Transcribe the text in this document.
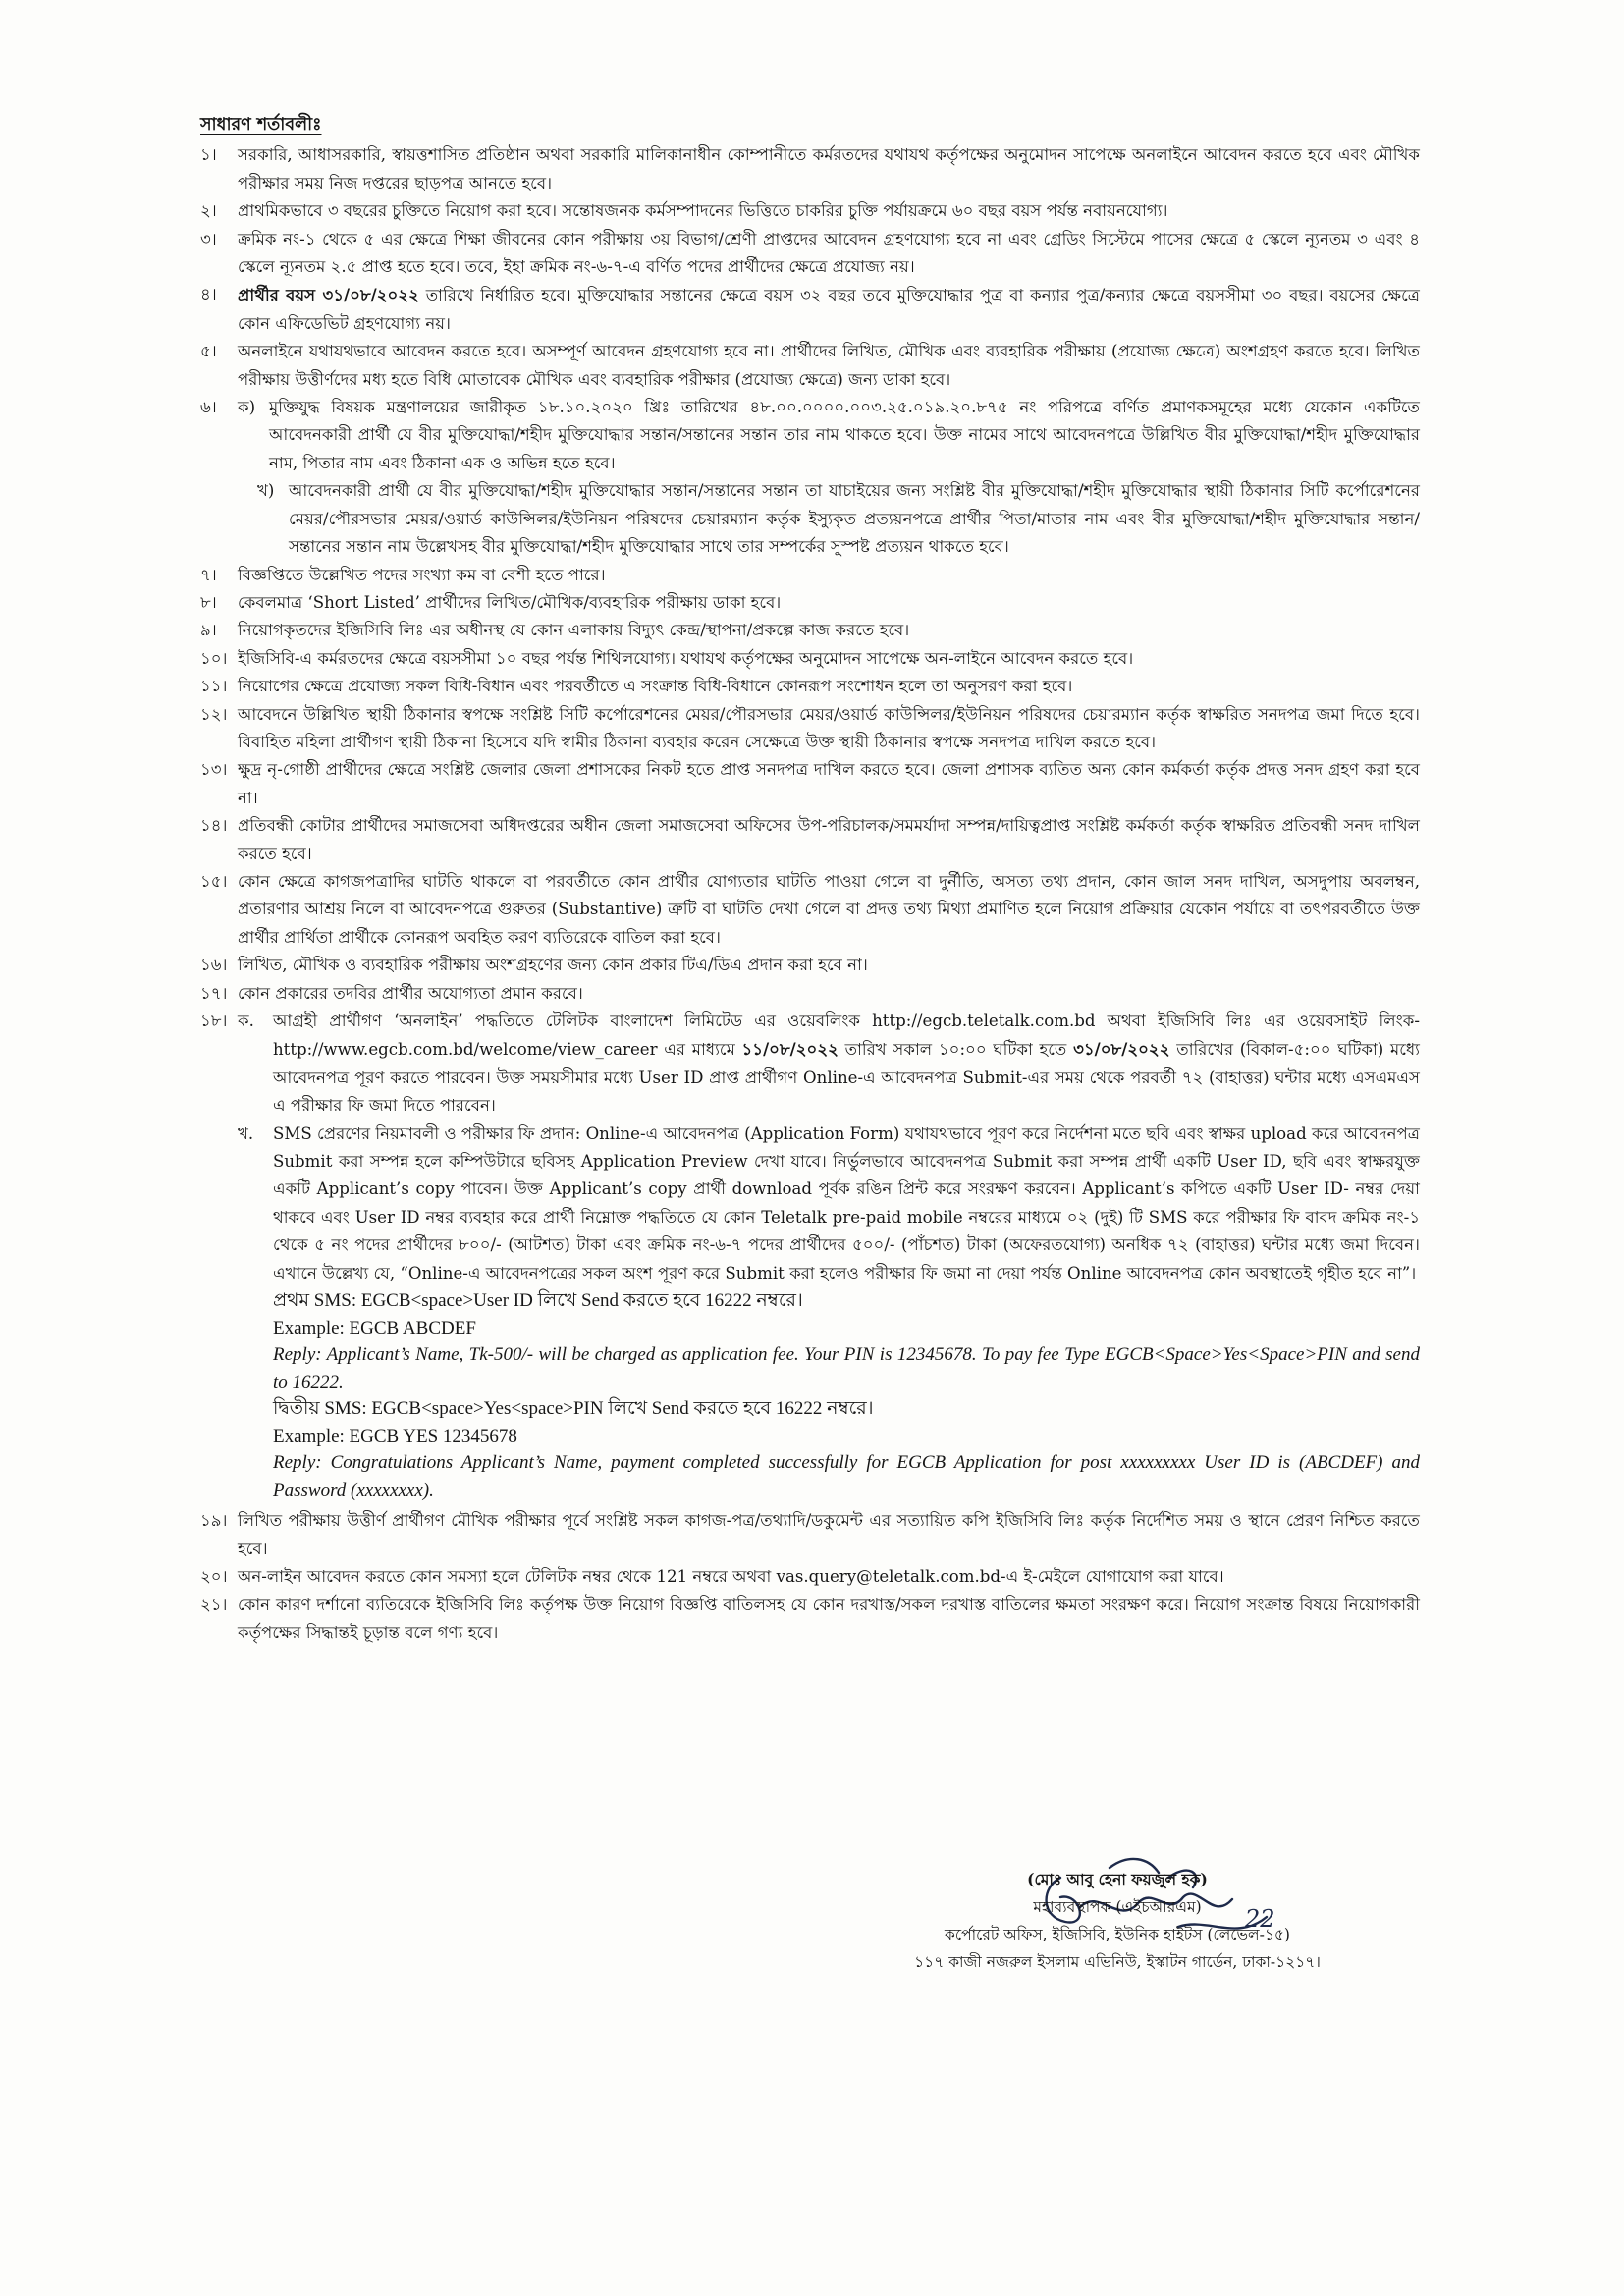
সাধারণ শর্তাবলীঃ
১।	সরকারি, আধাসরকারি, স্বায়ত্তশাসিত প্রতিষ্ঠান অথবা সরকারি মালিকানাধীন কোম্পানীতে কর্মরতদের যথাযথ কর্তৃপক্ষের অনুমোদন সাপেক্ষে অনলাইনে আবেদন করতে হবে এবং মৌখিক পরীক্ষার সময় নিজ দপ্তরের ছাড়পত্র আনতে হবে।
২।	প্রাথমিকভাবে ৩ বছরের চুক্তিতে নিয়োগ করা হবে। সন্তোষজনক কর্মসম্পাদনের ভিত্তিতে চাকরির চুক্তি পর্যায়ক্রমে ৬০ বছর বয়স পর্যন্ত নবায়নযোগ্য।
৩।	ক্রমিক নং-১ থেকে ৫ এর ক্ষেত্রে শিক্ষা জীবনের কোন পরীক্ষায় ৩য় বিভাগ/শ্রেণী প্রাপ্তদের আবেদন গ্রহণযোগ্য হবে না এবং গ্রেডিং সিস্টেমে পাসের ক্ষেত্রে ৫ স্কেলে ন্যূনতম ৩ এবং ৪ স্কেলে ন্যূনতম ২.৫ প্রাপ্ত হতে হবে। তবে, ইহা ক্রমিক নং-৬-৭-এ বর্ণিত পদের প্রার্থীদের ক্ষেত্রে প্রযোজ্য নয়।
৪।	প্রার্থীর বয়স ৩১/০৮/২০২২ তারিখে নির্ধারিত হবে। মুক্তিযোদ্ধার সন্তানের ক্ষেত্রে বয়স ৩২ বছর তবে মুক্তিযোদ্ধার পুত্র বা কন্যার পুত্র/কন্যার ক্ষেত্রে বয়সসীমা ৩০ বছর। বয়সের ক্ষেত্রে কোন এফিডেভিট গ্রহণযোগ্য নয়।
৫।	অনলাইনে যথাযথভাবে আবেদন করতে হবে। অসম্পূর্ণ আবেদন গ্রহণযোগ্য হবে না। প্রার্থীদের লিখিত, মৌখিক এবং ব্যবহারিক পরীক্ষায় (প্রযোজ্য ক্ষেত্রে) অংশগ্রহণ করতে হবে। লিখিত পরীক্ষায় উত্তীর্ণদের মধ্য হতে বিধি মোতাবেক মৌখিক এবং ব্যবহারিক পরীক্ষার (প্রযোজ্য ক্ষেত্রে) জন্য ডাকা হবে।
৬।	ক) মুক্তিযুদ্ধ বিষয়ক মন্ত্রণালয়ের জারীকৃত ১৮.১০.২০২০ খ্রিঃ তারিখের ৪৮.০০.০০০০.০০৩.২৫.০১৯.২০.৮৭৫ নং পরিপত্রে বর্ণিত প্রমাণকসমূহের মধ্যে যেকোন একটিতে আবেদনকারী প্রার্থী যে বীর মুক্তিযোদ্ধা/শহীদ মুক্তিযোদ্ধার সন্তান/সন্তানের সন্তান তার নাম থাকতে হবে। উক্ত নামের সাথে আবেদনপত্রে উল্লিখিত বীর মুক্তিযোদ্ধা/শহীদ মুক্তিযোদ্ধার নাম, পিতার নাম এবং ঠিকানা এক ও অভিন্ন হতে হবে।
খ) আবেদনকারী প্রার্থী যে বীর মুক্তিযোদ্ধা/শহীদ মুক্তিযোদ্ধার সন্তান/সন্তানের সন্তান তা যাচাইয়ের জন্য সংশ্লিষ্ট বীর মুক্তিযোদ্ধা/শহীদ মুক্তিযোদ্ধার স্থায়ী ঠিকানার সিটি কর্পোরেশনের মেয়র/পৌরসভার মেয়র/ওয়ার্ড কাউন্সিলর/ইউনিয়ন পরিষদের চেয়ারম্যান কর্তৃক ইস্যুকৃত প্রত্যয়নপত্রে প্রার্থীর পিতা/মাতার নাম এবং বীর মুক্তিযোদ্ধা/শহীদ মুক্তিযোদ্ধার সন্তান/সন্তানের সন্তান নাম উল্লেখসহ বীর মুক্তিযোদ্ধা/শহীদ মুক্তিযোদ্ধার সাথে তার সম্পর্কের সুস্পষ্ট প্রত্যয়ন থাকতে হবে।
৭।	বিজ্ঞপ্তিতে উল্লেখিত পদের সংখ্যা কম বা বেশী হতে পারে।
৮।	কেবলমাত্র ‘Short Listed’ প্রার্থীদের লিখিত/মৌখিক/ব্যবহারিক পরীক্ষায় ডাকা হবে।
৯।	নিয়োগকৃতদের ইজিসিবি লিঃ এর অধীনস্থ যে কোন এলাকায় বিদ্যুৎ কেন্দ্র/স্থাপনা/প্রকল্পে কাজ করতে হবে।
১০। ইজিসিবি-এ কর্মরতদের ক্ষেত্রে বয়সসীমা ১০ বছর পর্যন্ত শিথিলযোগ্য। যথাযথ কর্তৃপক্ষের অনুমোদন সাপেক্ষে অন-লাইনে আবেদন করতে হবে।
১১। নিয়োগের ক্ষেত্রে প্রযোজ্য সকল বিধি-বিধান এবং পরবর্তীতে এ সংক্রান্ত বিধি-বিধানে কোনরূপ সংশোধন হলে তা অনুসরণ করা হবে।
১২। আবেদনে উল্লিখিত স্থায়ী ঠিকানার স্বপক্ষে সংশ্লিষ্ট সিটি কর্পোরেশনের মেয়র/পৌরসভার মেয়র/ওয়ার্ড কাউন্সিলর/ইউনিয়ন পরিষদের চেয়ারম্যান কর্তৃক স্বাক্ষরিত সনদপত্র জমা দিতে হবে। বিবাহিত মহিলা প্রার্থীগণ স্থায়ী ঠিকানা হিসেবে যদি স্বামীর ঠিকানা ব্যবহার করেন সেক্ষেত্রে উক্ত স্থায়ী ঠিকানার স্বপক্ষে সনদপত্র দাখিল করতে হবে।
১৩। ক্ষুদ্র নৃ-গোষ্ঠী প্রার্থীদের ক্ষেত্রে সংশ্লিষ্ট জেলার জেলা প্রশাসকের নিকট হতে প্রাপ্ত সনদপত্র দাখিল করতে হবে। জেলা প্রশাসক ব্যতিত অন্য কোন কর্মকর্তা কর্তৃক প্রদত্ত সনদ গ্রহণ করা হবে না।
১৪। প্রতিবন্ধী কোটার প্রার্থীদের সমাজসেবা অধিদপ্তরের অধীন জেলা সমাজসেবা অফিসের উপ-পরিচালক/সমমর্যাদা সম্পন্ন/দায়িত্বপ্রাপ্ত সংশ্লিষ্ট কর্মকর্তা কর্তৃক স্বাক্ষরিত প্রতিবন্ধী সনদ দাখিল করতে হবে।
১৫। কোন ক্ষেত্রে কাগজপত্রাদির ঘাটতি থাকলে বা পরবর্তীতে কোন প্রার্থীর যোগ্যতার ঘাটতি পাওয়া গেলে বা দুর্নীতি, অসত্য তথ্য প্রদান, কোন জাল সনদ দাখিল, অসদুপায় অবলম্বন, প্রতারণার আশ্রয় নিলে বা আবেদনপত্রে গুরুতর (Substantive) ত্রুটি বা ঘাটতি দেখা গেলে বা প্রদত্ত তথ্য মিথ্যা প্রমাণিত হলে নিয়োগ প্রক্রিয়ার যেকোন পর্যায়ে বা তৎপরবর্তীতে উক্ত প্রার্থীর প্রার্থিতা প্রার্থীকে কোনরূপ অবহিত করণ ব্যতিরেকে বাতিল করা হবে।
১৬। লিখিত, মৌখিক ও ব্যবহারিক পরীক্ষায় অংশগ্রহণের জন্য কোন প্রকার টিএ/ডিএ প্রদান করা হবে না।
১৭। কোন প্রকারের তদবির প্রার্থীর অযোগ্যতা প্রমান করবে।
১৮। ক.	আগ্রহী প্রার্থীগণ ‘অনলাইন’ পদ্ধতিতে টেলিটক বাংলাদেশ লিমিটেড এর ওয়েবলিংক http://egcb.teletalk.com.bd অথবা ইজিসিবি লিঃ এর ওয়েবসাইট লিংক-http://www.egcb.com.bd/welcome/view_career এর মাধ্যমে ১১/০৮/২০২২ তারিখ সকাল ১০:০০ ঘটিকা হতে ৩১/০৮/২০২২ তারিখের (বিকাল-৫:০০ ঘটিকা) মধ্যে আবেদনপত্র পূরণ করতে পারবেন। উক্ত সময়সীমার মধ্যে User ID প্রাপ্ত প্রার্থীগণ Online-এ আবেদনপত্র Submit-এর সময় থেকে পরবর্তী ৭২ (বাহাত্তর) ঘন্টার মধ্যে এসএমএস এ পরীক্ষার ফি জমা দিতে পারবেন।
খ.	SMS প্রেরণের নিয়মাবলী ও পরীক্ষার ফি প্রদান: Online-এ আবেদনপত্র (Application Form) যথাযথভাবে পূরণ করে নির্দেশনা মতে ছবি এবং স্বাক্ষর upload করে আবেদনপত্র Submit করা সম্পন্ন হলে কম্পিউটারে ছবিসহ Application Preview দেখা যাবে। নির্ভুলভাবে আবেদনপত্র Submit করা সম্পন্ন প্রার্থী একটি User ID, ছবি এবং স্বাক্ষরযুক্ত একটি Applicant’s copy পাবেন। উক্ত Applicant’s copy প্রার্থী download পূর্বক রঙিন প্রিন্ট করে সংরক্ষণ করবেন। Applicant’s কপিতে একটি User ID- নম্বর দেয়া থাকবে এবং User ID নম্বর ব্যবহার করে প্রার্থী নিম্নোক্ত পদ্ধতিতে যে কোন Teletalk pre-paid mobile নম্বরের মাধ্যমে ০২ (দুই) টি SMS করে পরীক্ষার ফি বাবদ ক্রমিক নং-১ থেকে ৫ নং পদের প্রার্থীদের ৮০০/- (আটশত) টাকা এবং ক্রমিক নং-৬-৭ পদের প্রার্থীদের ৫০০/- (পাঁচশত) টাকা (অফেরতযোগ্য) অনধিক ৭২ (বাহাত্তর) ঘন্টার মধ্যে জমা দিবেন। এখানে উল্লেখ্য যে, “Online-এ আবেদনপত্রের সকল অংশ পূরণ করে Submit করা হলেও পরীক্ষার ফি জমা না দেয়া পর্যন্ত Online আবেদনপত্র কোন অবস্থাতেই গৃহীত হবে না”।
প্রথম SMS: EGCB<space>User ID লিখে Send করতে হবে 16222 নম্বরে।
Example: EGCB ABCDEF
Reply: Applicant’s Name, Tk-500/- will be charged as application fee. Your PIN is 12345678. To pay fee Type EGCB<Space>Yes<Space>PIN and send to 16222.
দ্বিতীয় SMS: EGCB<space>Yes<space>PIN লিখে Send করতে হবে 16222 নম্বরে।
Example: EGCB YES 12345678
Reply: Congratulations Applicant’s Name, payment completed successfully for EGCB Application for post xxxxxxxxx User ID is (ABCDEF) and Password (xxxxxxxx).
১৯। লিখিত পরীক্ষায় উত্তীর্ণ প্রার্থীগণ মৌখিক পরীক্ষার পূর্বে সংশ্লিষ্ট সকল কাগজ-পত্র/তথ্যাদি/ডকুমেন্ট এর সত্যায়িত কপি ইজিসিবি লিঃ কর্তৃক নির্দেশিত সময় ও স্থানে প্রেরণ নিশ্চিত করতে হবে।
২০। অন-লাইন আবেদন করতে কোন সমস্যা হলে টেলিটক নম্বর থেকে 121 নম্বরে অথবা vas.query@teletalk.com.bd-এ ই-মেইলে যোগাযোগ করা যাবে।
২১। কোন কারণ দর্শানো ব্যতিরেকে ইজিসিবি লিঃ কর্তৃপক্ষ উক্ত নিয়োগ বিজ্ঞপ্তি বাতিলসহ যে কোন দরখাস্ত/সকল দরখাস্ত বাতিলের ক্ষমতা সংরক্ষণ করে। নিয়োগ সংক্রান্ত বিষয়ে নিয়োগকারী কর্তৃপক্ষের সিদ্ধান্তই চূড়ান্ত বলে গণ্য হবে।
22
(মোঃ আবু হেনা ফয়জুল হক)
মহাব্যবস্থাপক (এইচআরএম)
কর্পোরেট অফিস, ইজিসিবি, ইউনিক হাইটস (লেভেল-১৫)
১১৭ কাজী নজরুল ইসলাম এভিনিউ, ইস্কাটন গার্ডেন, ঢাকা-১২১৭।
